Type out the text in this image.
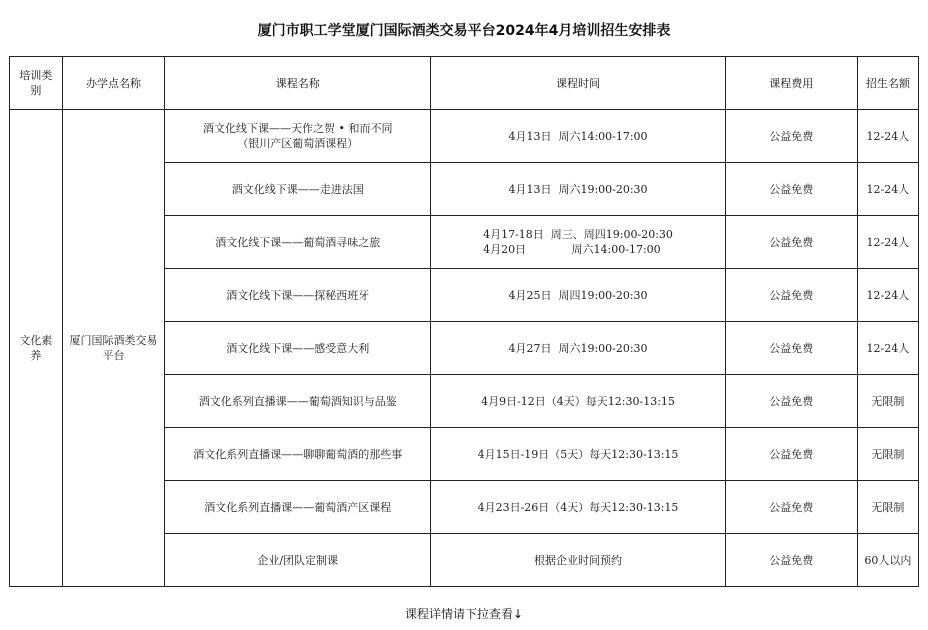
厦门市职工学堂厦门国际酒类交易平台2024年4月培训招生安排表
培训类别	办学点名称	课程名称	课程时间	课程费用	招生名额
文化素养	厦门国际酒类交易平台	酒文化线下课——天作之贺 • 和而不同
（银川产区葡萄酒课程）	4月13日  周六14:00-17:00	公益免费	12-24人

		酒文化线下课——走进法国	4月13日  周六19:00-20:30	公益免费	12-24人

		酒文化线下课——葡萄酒寻味之旅	4月17-18日  周三、周四19:00-20:30
4月20日             周六14:00-17:00	公益免费	12-24人

		酒文化线下课——探秘西班牙	4月25日  周四19:00-20:30	公益免费	12-24人

		酒文化线下课——感受意大利	4月27日  周六19:00-20:30	公益免费	12-24人

		酒文化系列直播课——葡萄酒知识与品鉴	4月9日-12日（4天）每天12:30-13:15	公益免费	无限制

		酒文化系列直播课——聊聊葡萄酒的那些事	4月15日-19日（5天）每天12:30-13:15	公益免费	无限制

		酒文化系列直播课——葡萄酒产区课程	4月23日-26日（4天）每天12:30-13:15	公益免费	无限制

		企业/团队定制课	根据企业时间预约	公益免费	60人以内
课程详情请下拉查看↓
